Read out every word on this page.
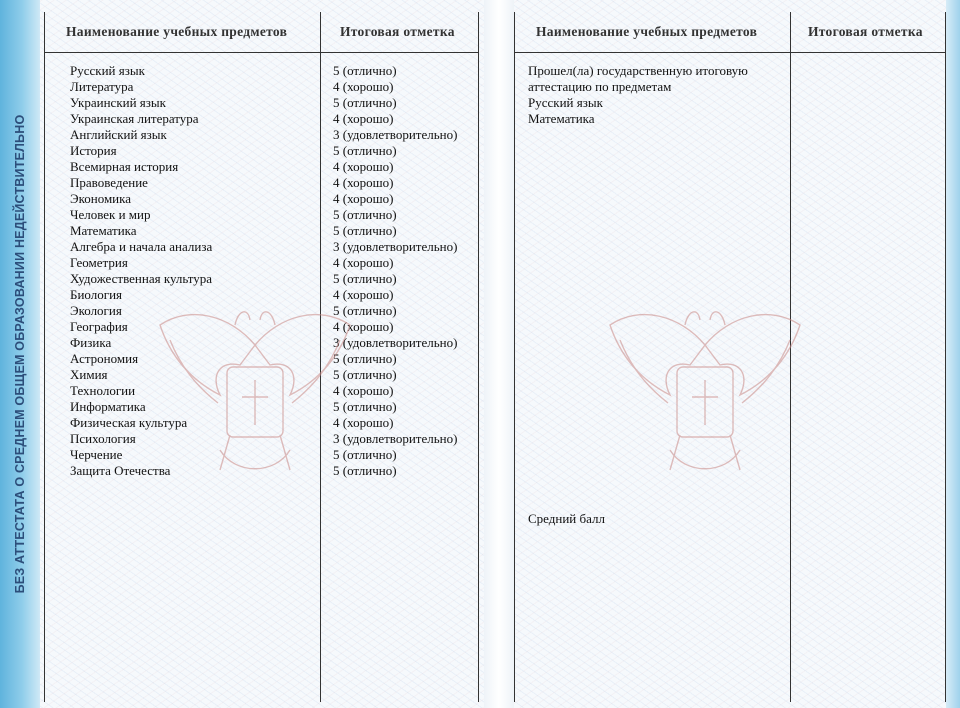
БЕЗ АТТЕСТАТА О СРЕДНЕМ ОБЩЕМ ОБРАЗОВАНИИ НЕДЕЙСТВИТЕЛЬНО
Наименование учебных предметов	Итоговая отметка
Русский язык
Литература
Украинский язык
Украинская литература
Английский язык
История
Всемирная история
Правоведение
Экономика
Человек и мир
Математика
Алгебра и начала анализа
Геометрия
Художественная культура
Биология
Экология
География
Физика
Астрономия
Химия
Технологии
Информатика
Физическая культура
Психология
Черчение
Защита Отечества
5 (отлично)
4 (хорошо)
5 (отлично)
4 (хорошо)
3 (удовлетворительно)
5 (отлично)
4 (хорошо)
4 (хорошо)
4 (хорошо)
5 (отлично)
5 (отлично)
3 (удовлетворительно)
4 (хорошо)
5 (отлично)
4 (хорошо)
5 (отлично)
4 (хорошо)
3 (удовлетворительно)
5 (отлично)
5 (отлично)
4 (хорошо)
5 (отлично)
4 (хорошо)
3 (удовлетворительно)
5 (отлично)
5 (отлично)
Наименование учебных предметов	Итоговая отметка
Прошел(ла) государственную итоговую
аттестацию по предметам
Русский язык
Математика
Средний балл
